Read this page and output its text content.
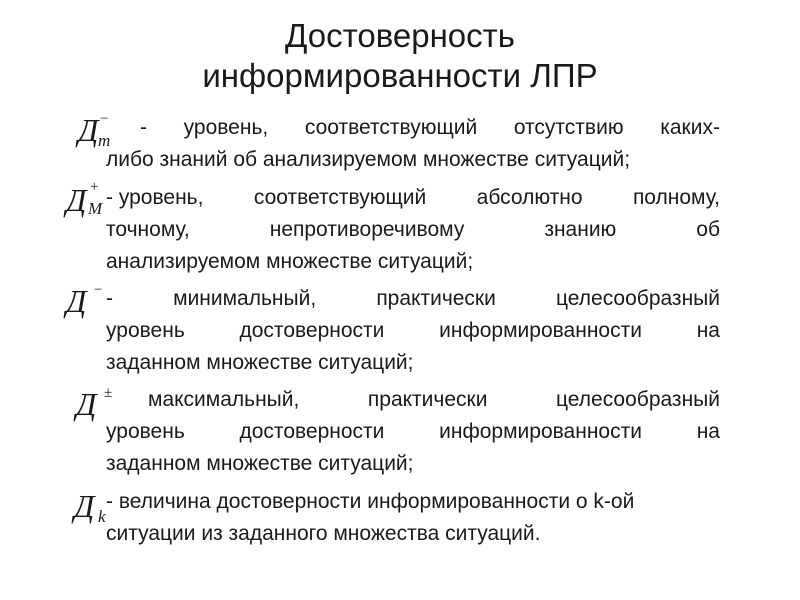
Достоверность
информированности ЛПР
Д −
m
- уровень, соответствующий отсутствию каких-
либо знаний об анализируемом множестве ситуаций;
Д +
M - уровень, соответствующий абсолютно полному,
точному,	непротиворечивому	знанию	об
анализируемом множестве ситуаций;
Д − -	минимальный,	практически	целесообразный
уровень	достоверности	информированности	на
заданном множестве ситуаций;
Д ± максимальный,	практически	целесообразный
уровень	достоверности	информированности	на
заданном множестве ситуаций;
Д k
- величина достоверности информированности о k-ой
ситуации из заданного множества ситуаций.
